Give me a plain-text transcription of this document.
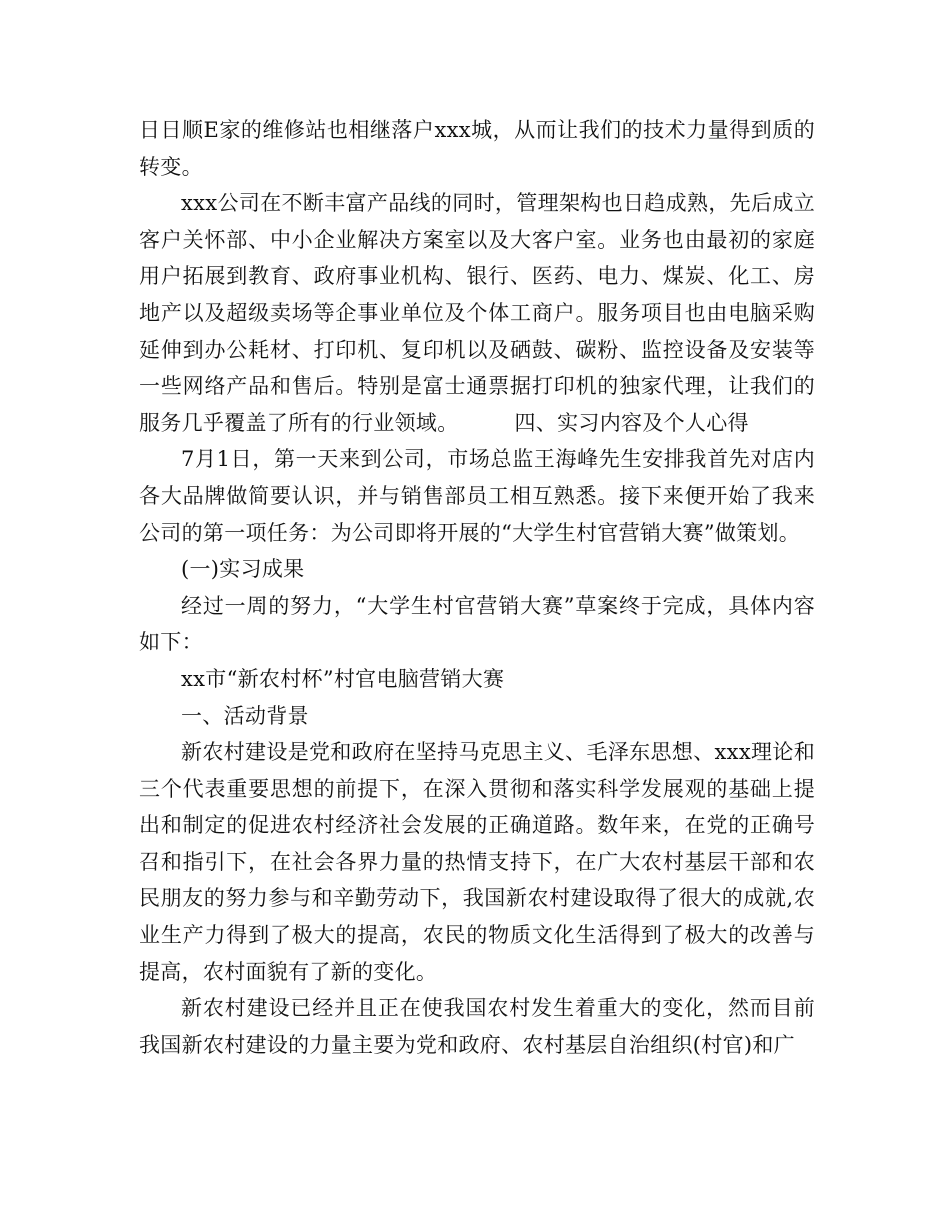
日日顺E家的维修站也相继落户xxx城，从而让我们的技术力量得到质的转变。

xxx公司在不断丰富产品线的同时，管理架构也日趋成熟，先后成立客户关怀部、中小企业解决方案室以及大客户室。业务也由最初的家庭用户拓展到教育、政府事业机构、银行、医药、电力、煤炭、化工、房地产以及超级卖场等企事业单位及个体工商户。服务项目也由电脑采购延伸到办公耗材、打印机、复印机以及硒鼓、碳粉、监控设备及安装等一些网络产品和售后。特别是富士通票据打印机的独家代理，让我们的服务几乎覆盖了所有的行业领域。	四、实习内容及个人心得

7月1日，第一天来到公司，市场总监王海峰先生安排我首先对店内各大品牌做简要认识，并与销售部员工相互熟悉。接下来便开始了我来公司的第一项任务：为公司即将开展的“大学生村官营销大赛”做策划。

(一)实习成果

经过一周的努力，“大学生村官营销大赛”草案终于完成，具体内容如下：

xx市“新农村杯”村官电脑营销大赛

一、活动背景

新农村建设是党和政府在坚持马克思主义、毛泽东思想、xxx理论和三个代表重要思想的前提下，在深入贯彻和落实科学发展观的基础上提出和制定的促进农村经济社会发展的正确道路。数年来，在党的正确号召和指引下，在社会各界力量的热情支持下，在广大农村基层干部和农民朋友的努力参与和辛勤劳动下，我国新农村建设取得了很大的成就,农业生产力得到了极大的提高，农民的物质文化生活得到了极大的改善与提高，农村面貌有了新的变化。

新农村建设已经并且正在使我国农村发生着重大的变化，然而目前我国新农村建设的力量主要为党和政府、农村基层自治组织(村官)和广
